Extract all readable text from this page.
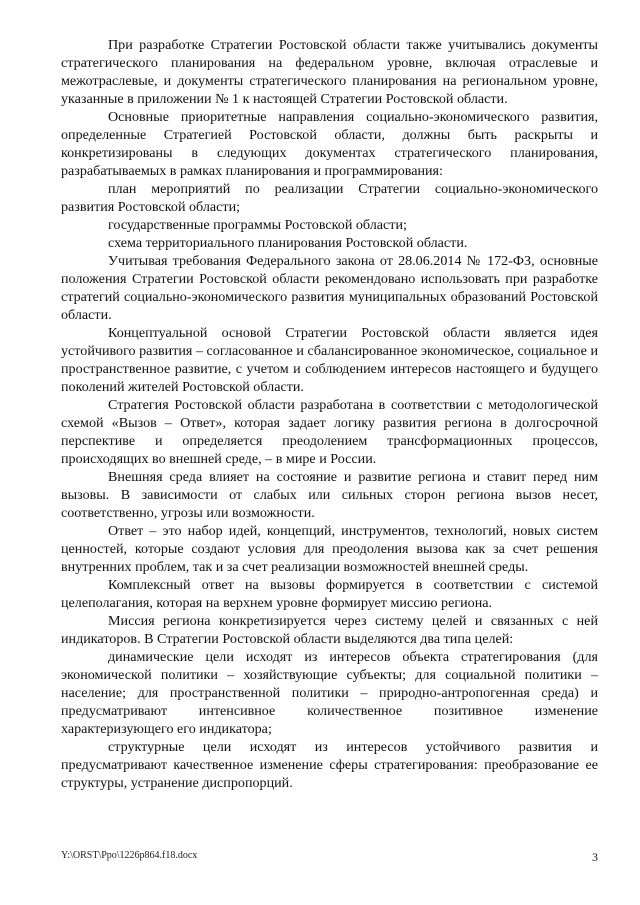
При разработке Стратегии Ростовской области также учитывались документы стратегического планирования на федеральном уровне, включая отраслевые и межотраслевые, и документы стратегического планирования на региональном уровне, указанные в приложении № 1 к настоящей Стратегии Ростовской области.

Основные приоритетные направления социально-экономического развития, определенные Стратегией Ростовской области, должны быть раскрыты и конкретизированы в следующих документах стратегического планирования, разрабатываемых в рамках планирования и программирования:

план мероприятий по реализации Стратегии социально-экономического развития Ростовской области;

государственные программы Ростовской области;

схема территориального планирования Ростовской области.

Учитывая требования Федерального закона от 28.06.2014 № 172-ФЗ, основные положения Стратегии Ростовской области рекомендовано использовать при разработке стратегий социально-экономического развития муниципальных образований Ростовской области.

Концептуальной основой Стратегии Ростовской области является идея устойчивого развития – согласованное и сбалансированное экономическое, социальное и пространственное развитие, с учетом и соблюдением интересов настоящего и будущего поколений жителей Ростовской области.

Стратегия Ростовской области разработана в соответствии с методологической схемой «Вызов – Ответ», которая задает логику развития региона в долгосрочной перспективе и определяется преодолением трансформационных процессов, происходящих во внешней среде, – в мире и России.

Внешняя среда влияет на состояние и развитие региона и ставит перед ним вызовы. В зависимости от слабых или сильных сторон региона вызов несет, соответственно, угрозы или возможности.

Ответ – это набор идей, концепций, инструментов, технологий, новых систем ценностей, которые создают условия для преодоления вызова как за счет решения внутренних проблем, так и за счет реализации возможностей внешней среды.

Комплексный ответ на вызовы формируется в соответствии с системой целеполагания, которая на верхнем уровне формирует миссию региона.

Миссия региона конкретизируется через систему целей и связанных с ней индикаторов. В Стратегии Ростовской области выделяются два типа целей:

динамические цели исходят из интересов объекта стратегирования (для экономической политики – хозяйствующие субъекты; для социальной политики – население; для пространственной политики – природно-антропогенная среда) и предусматривают интенсивное количественное позитивное изменение характеризующего его индикатора;

структурные цели исходят из интересов устойчивого развития и предусматривают качественное изменение сферы стратегирования: преобразование ее структуры, устранение диспропорций.

Y:\ORST\Ppo\1226p864.f18.docx	3
